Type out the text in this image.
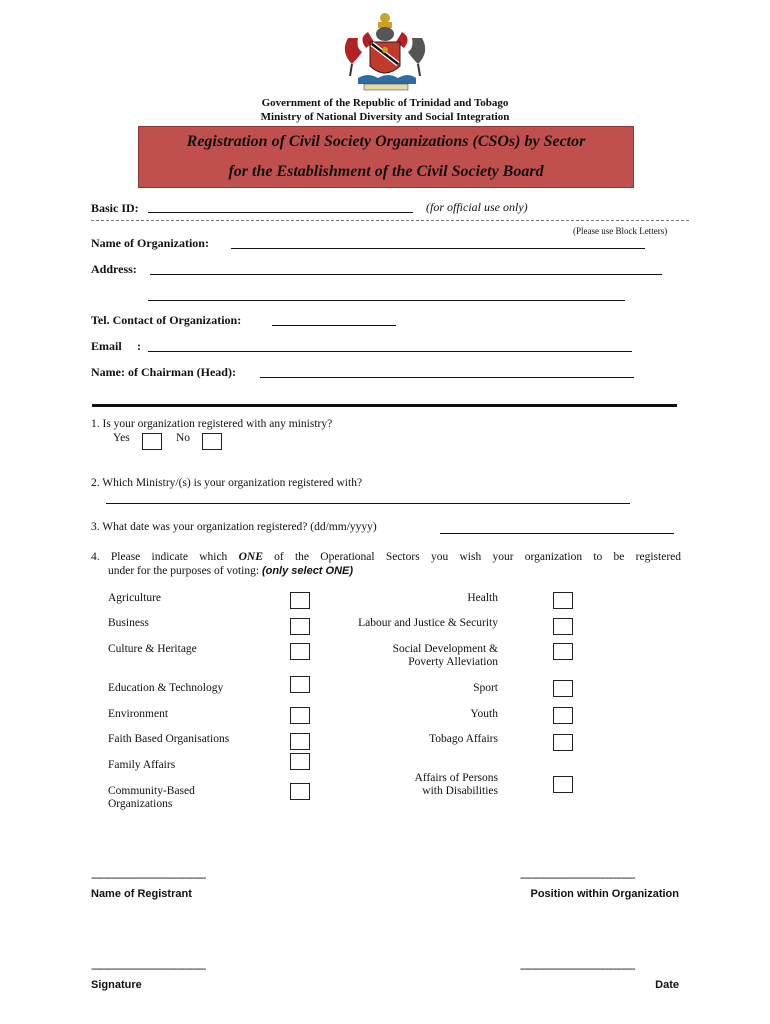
Government of the Republic of Trinidad and Tobago
Ministry of National Diversity and Social Integration
Registration of Civil Society Organizations (CSOs) by Sector
for the Establishment of the Civil Society Board
Basic ID:	(for official use only)
(Please use Block Letters)
Name of Organization:
Address:
Tel. Contact of Organization:
Email :
Name: of Chairman (Head):
1. Is your organization registered with any ministry?
Yes	No
2. Which Ministry/(s) is your organization registered with?
3. What date was your organization registered? (dd/mm/yyyy)
4. Please indicate which ONE of the Operational Sectors you wish your organization to be registered
under for the purposes of voting: (only select ONE)
Agriculture
Business
Culture & Heritage
Education & Technology
Environment
Faith Based Organisations
Family Affairs
Community-Based
Organizations
Health
Labour and Justice & Security
Social Development &
Poverty Alleviation
Sport
Youth
Tobago Affairs
Affairs of Persons
with Disabilities
-------------------------------------------
Name of Registrant
-------------------------------------------
Position within Organization
-------------------------------------------
Signature
-------------------------------------------
Date
